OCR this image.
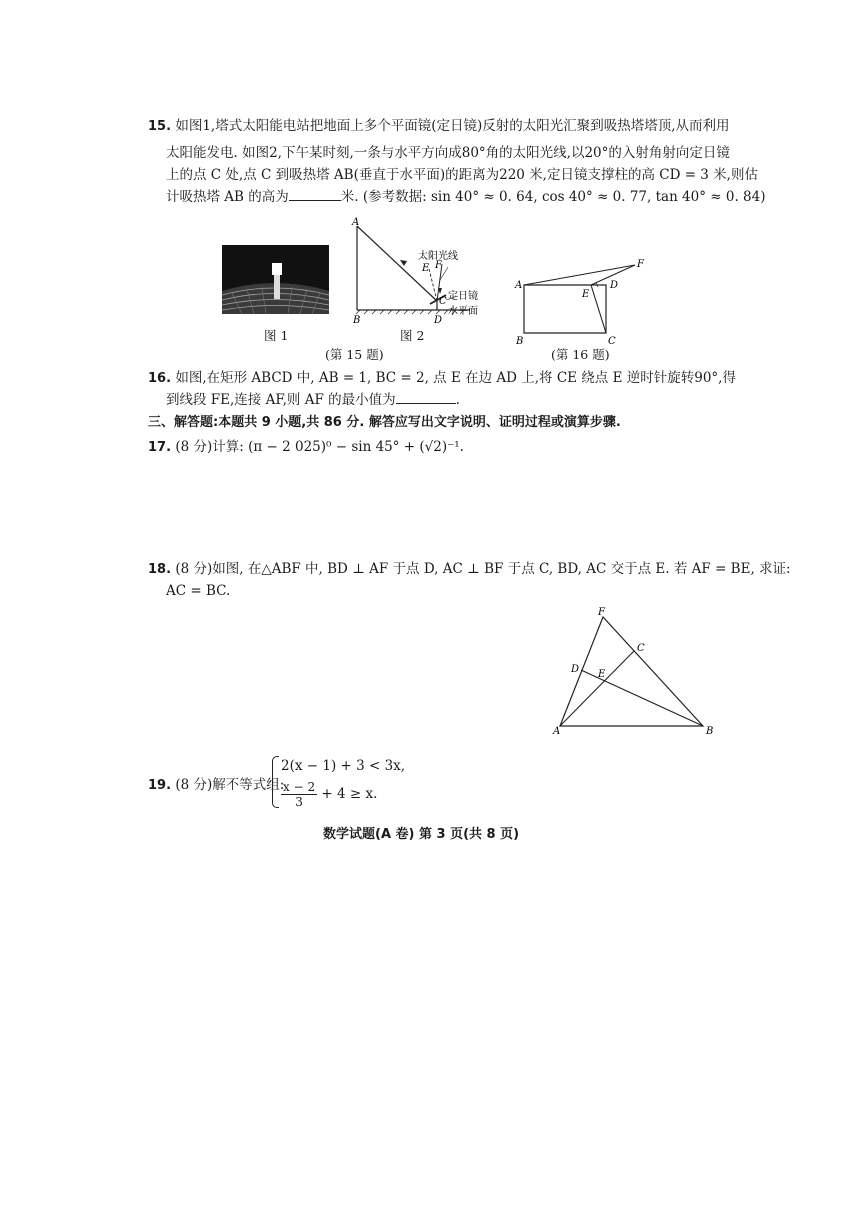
15. 如图1,塔式太阳能电站把地面上多个平面镜(定日镜)反射的太阳光汇聚到吸热塔塔顶,从而利用
太阳能发电. 如图2,下午某时刻,一条与水平方向成80°角的太阳光线,以20°的入射角射向定日镜
上的点 C 处,点 C 到吸热塔 AB(垂直于水平面)的距离为220 米,定日镜支撑柱的高 CD = 3 米,则估
计吸热塔 AB 的高为	米. (参考数据: sin 40° ≈ 0. 64, cos 40° ≈ 0. 77, tan 40° ≈ 0. 84)
图 1
A
B
C
D
E F
太阳光线
定日镜
水平面
图 2
(第 15 题)
A
B	C
D
E
F
(第 16 题)
16. 如图,在矩形 ABCD 中, AB = 1, BC = 2, 点 E 在边 AD 上,将 CE 绕点 E 逆时针旋转90°,得
到线段 FE,连接 AF,则 AF 的最小值为	.
三、解答题:本题共 9 小题,共 86 分. 解答应写出文字说明、证明过程或演算步骤.
17. (8 分)计算: (π − 2 025)⁰ − sin 45° + (√2)⁻¹.
18. (8 分)如图, 在△ABF 中, BD ⊥ AF 于点 D, AC ⊥ BF 于点 C, BD, AC 交于点 E. 若 AF = BE, 求证:
AC = BC.
A	B
C
D E
F
19. (8 分)解不等式组:
2(x − 1) + 3 < 3x,
$\frac{x - 2}{3} + 4 \ge x$.
数学试题(A 卷) 第 3 页(共 8 页)
